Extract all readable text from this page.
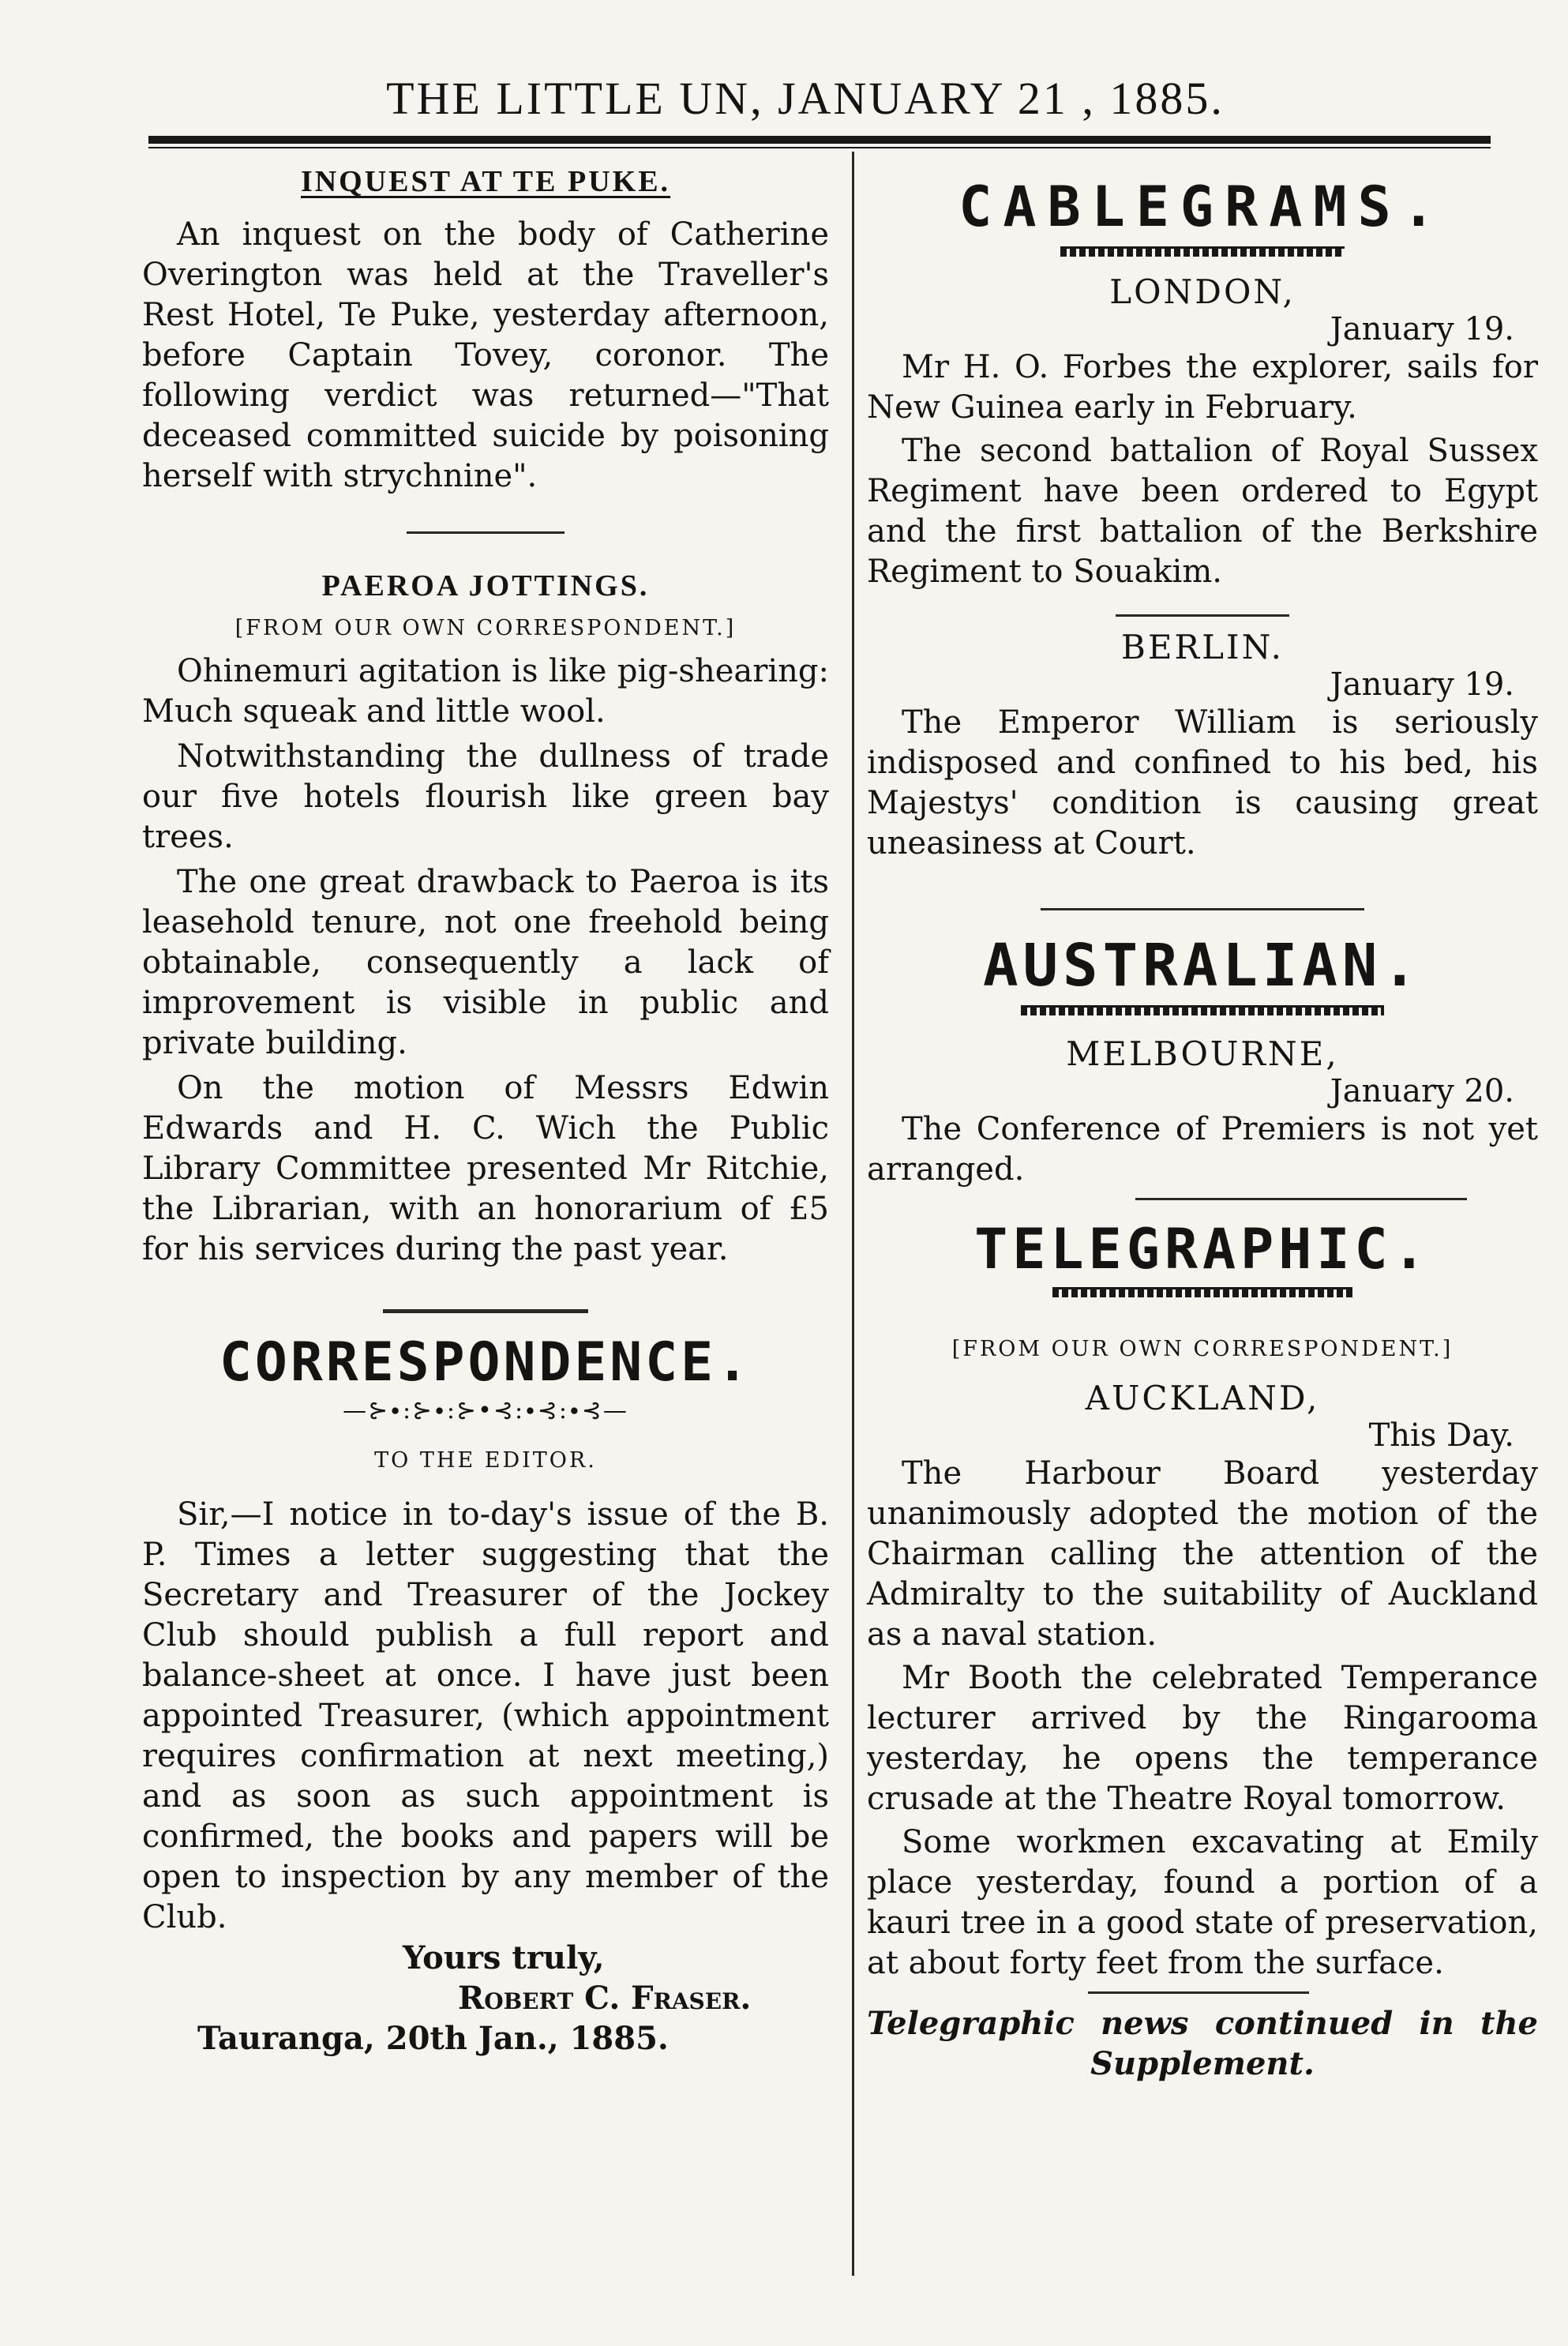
THE LITTLE UN, JANUARY 21 , 1885.
INQUEST AT TE PUKE.

An inquest on the body of Catherine Overington was held at the Traveller's Rest Hotel, Te Puke, yesterday afternoon, before Captain Tovey, coronor. The following verdict was returned—"That deceased committed suicide by poisoning herself with strychnine".

PAEROA JOTTINGS.

[FROM OUR OWN CORRESPONDENT.]

Ohinemuri agitation is like pig-shearing: Much squeak and little wool.

Notwithstanding the dullness of trade our five hotels flourish like green bay trees.

The one great drawback to Paeroa is its leasehold tenure, not one freehold being obtainable, consequently a lack of improvement is visible in public and private building.

On the motion of Messrs Edwin Edwards and H. C. Wich the Public Library Committee presented Mr Ritchie, the Librarian, with an honorarium of £5 for his services during the past year.

CORRESPONDENCE.

—⊱∙:⊱∙:⊱•⊰:∙⊰:∙⊰—

TO THE EDITOR.

Sir,—I notice in to-day's issue of the B. P. Times a letter suggesting that the Secretary and Treasurer of the Jockey Club should publish a full report and balance-sheet at once. I have just been appointed Treasurer, (which appointment requires confirmation at next meeting,) and as soon as such appointment is confirmed, the books and papers will be open to inspection by any member of the Club.

Yours truly,

Robert C. Fraser.

Tauranga, 20th Jan., 1885.

CABLEGRAMS.

LONDON,

January 19.

Mr H. O. Forbes the explorer, sails for New Guinea early in February.

The second battalion of Royal Sussex Regiment have been ordered to Egypt and the first battalion of the Berkshire Regiment to Souakim.

BERLIN.

January 19.

The Emperor William is seriously indisposed and confined to his bed, his Majestys' condition is causing great uneasiness at Court.

AUSTRALIAN.

MELBOURNE,

January 20.

The Conference of Premiers is not yet arranged.

TELEGRAPHIC.

[FROM OUR OWN CORRESPONDENT.]

AUCKLAND,

This Day.

The Harbour Board yesterday unanimously adopted the motion of the Chairman calling the attention of the Admiralty to the suitability of Auckland as a naval station.

Mr Booth the celebrated Temperance lecturer arrived by the Ringarooma yesterday, he opens the temperance crusade at the Theatre Royal tomorrow.

Some workmen excavating at Emily place yesterday, found a portion of a kauri tree in a good state of preservation, at about forty feet from the surface.

Telegraphic news continued in the

Supplement.
